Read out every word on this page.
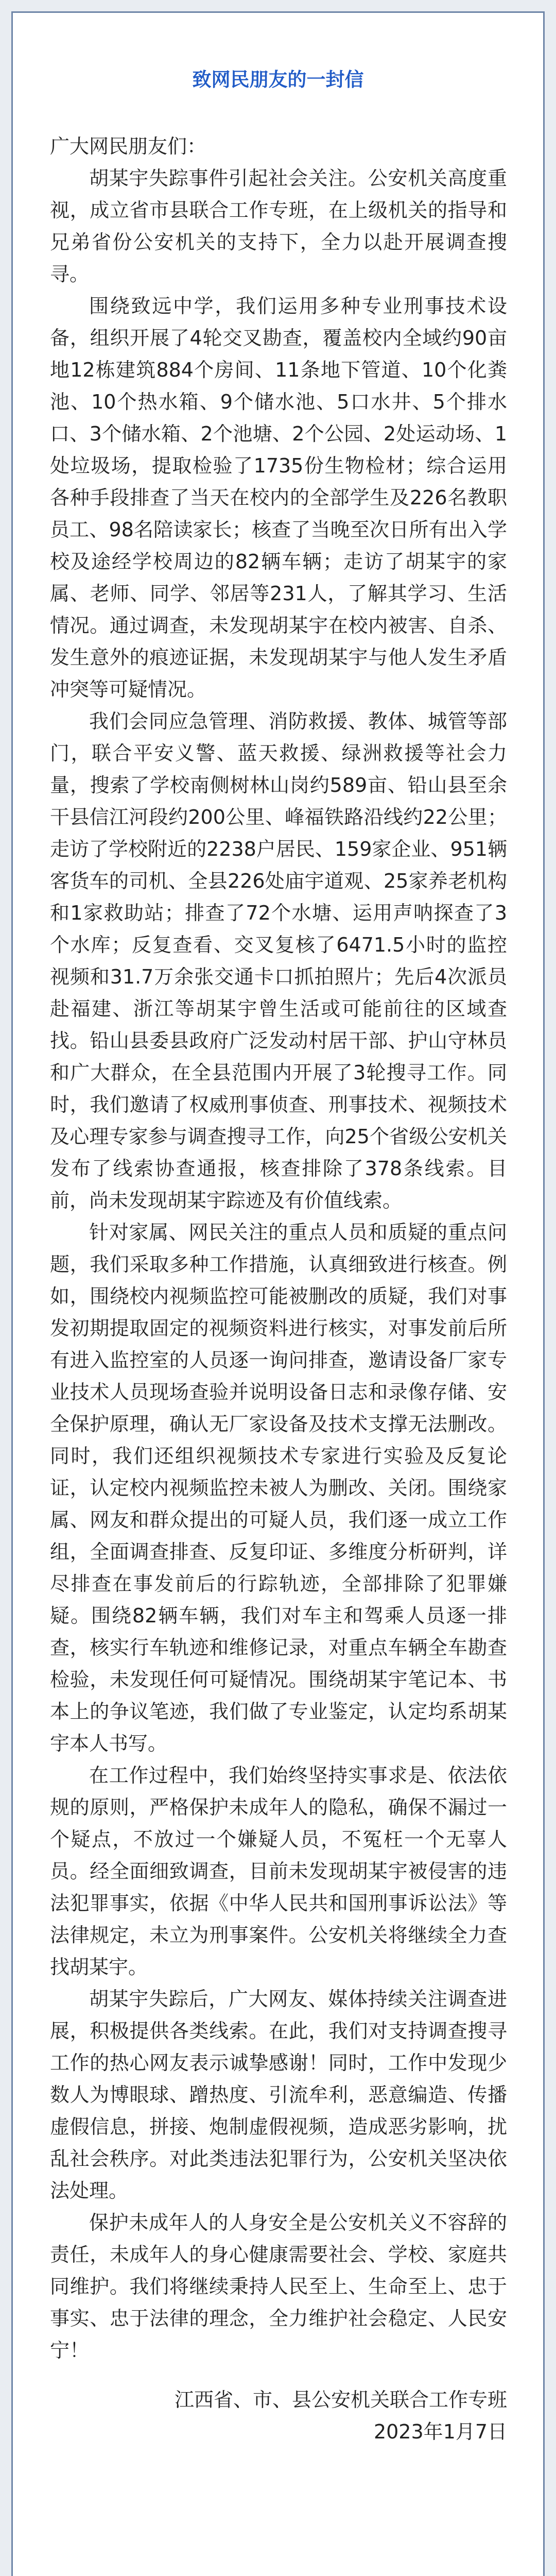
致网民朋友的一封信

广大网民朋友们：

胡某宇失踪事件引起社会关注。公安机关高度重视，成立省市县联合工作专班，在上级机关的指导和兄弟省份公安机关的支持下，全力以赴开展调查搜寻。

围绕致远中学，我们运用多种专业刑事技术设备，组织开展了4轮交叉勘查，覆盖校内全域约90亩地12栋建筑884个房间、11条地下管道、10个化粪池、10个热水箱、9个储水池、5口水井、5个排水口、3个储水箱、2个池塘、2个公园、2处运动场、1处垃圾场，提取检验了1735份生物检材；综合运用各种手段排查了当天在校内的全部学生及226名教职员工、98名陪读家长；核查了当晚至次日所有出入学校及途经学校周边的82辆车辆；走访了胡某宇的家属、老师、同学、邻居等231人，了解其学习、生活情况。通过调查，未发现胡某宇在校内被害、自杀、发生意外的痕迹证据，未发现胡某宇与他人发生矛盾冲突等可疑情况。

我们会同应急管理、消防救援、教体、城管等部门，联合平安义警、蓝天救援、绿洲救援等社会力量，搜索了学校南侧树林山岗约589亩、铅山县至余干县信江河段约200公里、峰福铁路沿线约22公里；走访了学校附近的2238户居民、159家企业、951辆客货车的司机、全县226处庙宇道观、25家养老机构和1家救助站；排查了72个水塘、运用声呐探查了3个水库；反复查看、交叉复核了6471.5小时的监控视频和31.7万余张交通卡口抓拍照片；先后4次派员赴福建、浙江等胡某宇曾生活或可能前往的区域查找。铅山县委县政府广泛发动村居干部、护山守林员和广大群众，在全县范围内开展了3轮搜寻工作。同时，我们邀请了权威刑事侦查、刑事技术、视频技术及心理专家参与调查搜寻工作，向25个省级公安机关发布了线索协查通报，核查排除了378条线索。目前，尚未发现胡某宇踪迹及有价值线索。

针对家属、网民关注的重点人员和质疑的重点问题，我们采取多种工作措施，认真细致进行核查。例如，围绕校内视频监控可能被删改的质疑，我们对事发初期提取固定的视频资料进行核实，对事发前后所有进入监控室的人员逐一询问排查，邀请设备厂家专业技术人员现场查验并说明设备日志和录像存储、安全保护原理，确认无厂家设备及技术支撑无法删改。同时，我们还组织视频技术专家进行实验及反复论证，认定校内视频监控未被人为删改、关闭。围绕家属、网友和群众提出的可疑人员，我们逐一成立工作组，全面调查排查、反复印证、多维度分析研判，详尽排查在事发前后的行踪轨迹，全部排除了犯罪嫌疑。围绕82辆车辆，我们对车主和驾乘人员逐一排查，核实行车轨迹和维修记录，对重点车辆全车勘查检验，未发现任何可疑情况。围绕胡某宇笔记本、书本上的争议笔迹，我们做了专业鉴定，认定均系胡某宇本人书写。

在工作过程中，我们始终坚持实事求是、依法依规的原则，严格保护未成年人的隐私，确保不漏过一个疑点，不放过一个嫌疑人员，不冤枉一个无辜人员。经全面细致调查，目前未发现胡某宇被侵害的违法犯罪事实，依据《中华人民共和国刑事诉讼法》等法律规定，未立为刑事案件。公安机关将继续全力查找胡某宇。

胡某宇失踪后，广大网友、媒体持续关注调查进展，积极提供各类线索。在此，我们对支持调查搜寻工作的热心网友表示诚挚感谢！同时，工作中发现少数人为博眼球、蹭热度、引流牟利，恶意编造、传播虚假信息，拼接、炮制虚假视频，造成恶劣影响，扰乱社会秩序。对此类违法犯罪行为，公安机关坚决依法处理。

保护未成年人的人身安全是公安机关义不容辞的责任，未成年人的身心健康需要社会、学校、家庭共同维护。我们将继续秉持人民至上、生命至上、忠于事实、忠于法律的理念，全力维护社会稳定、人民安宁！

江西省、市、县公安机关联合工作专班

2023年1月7日
